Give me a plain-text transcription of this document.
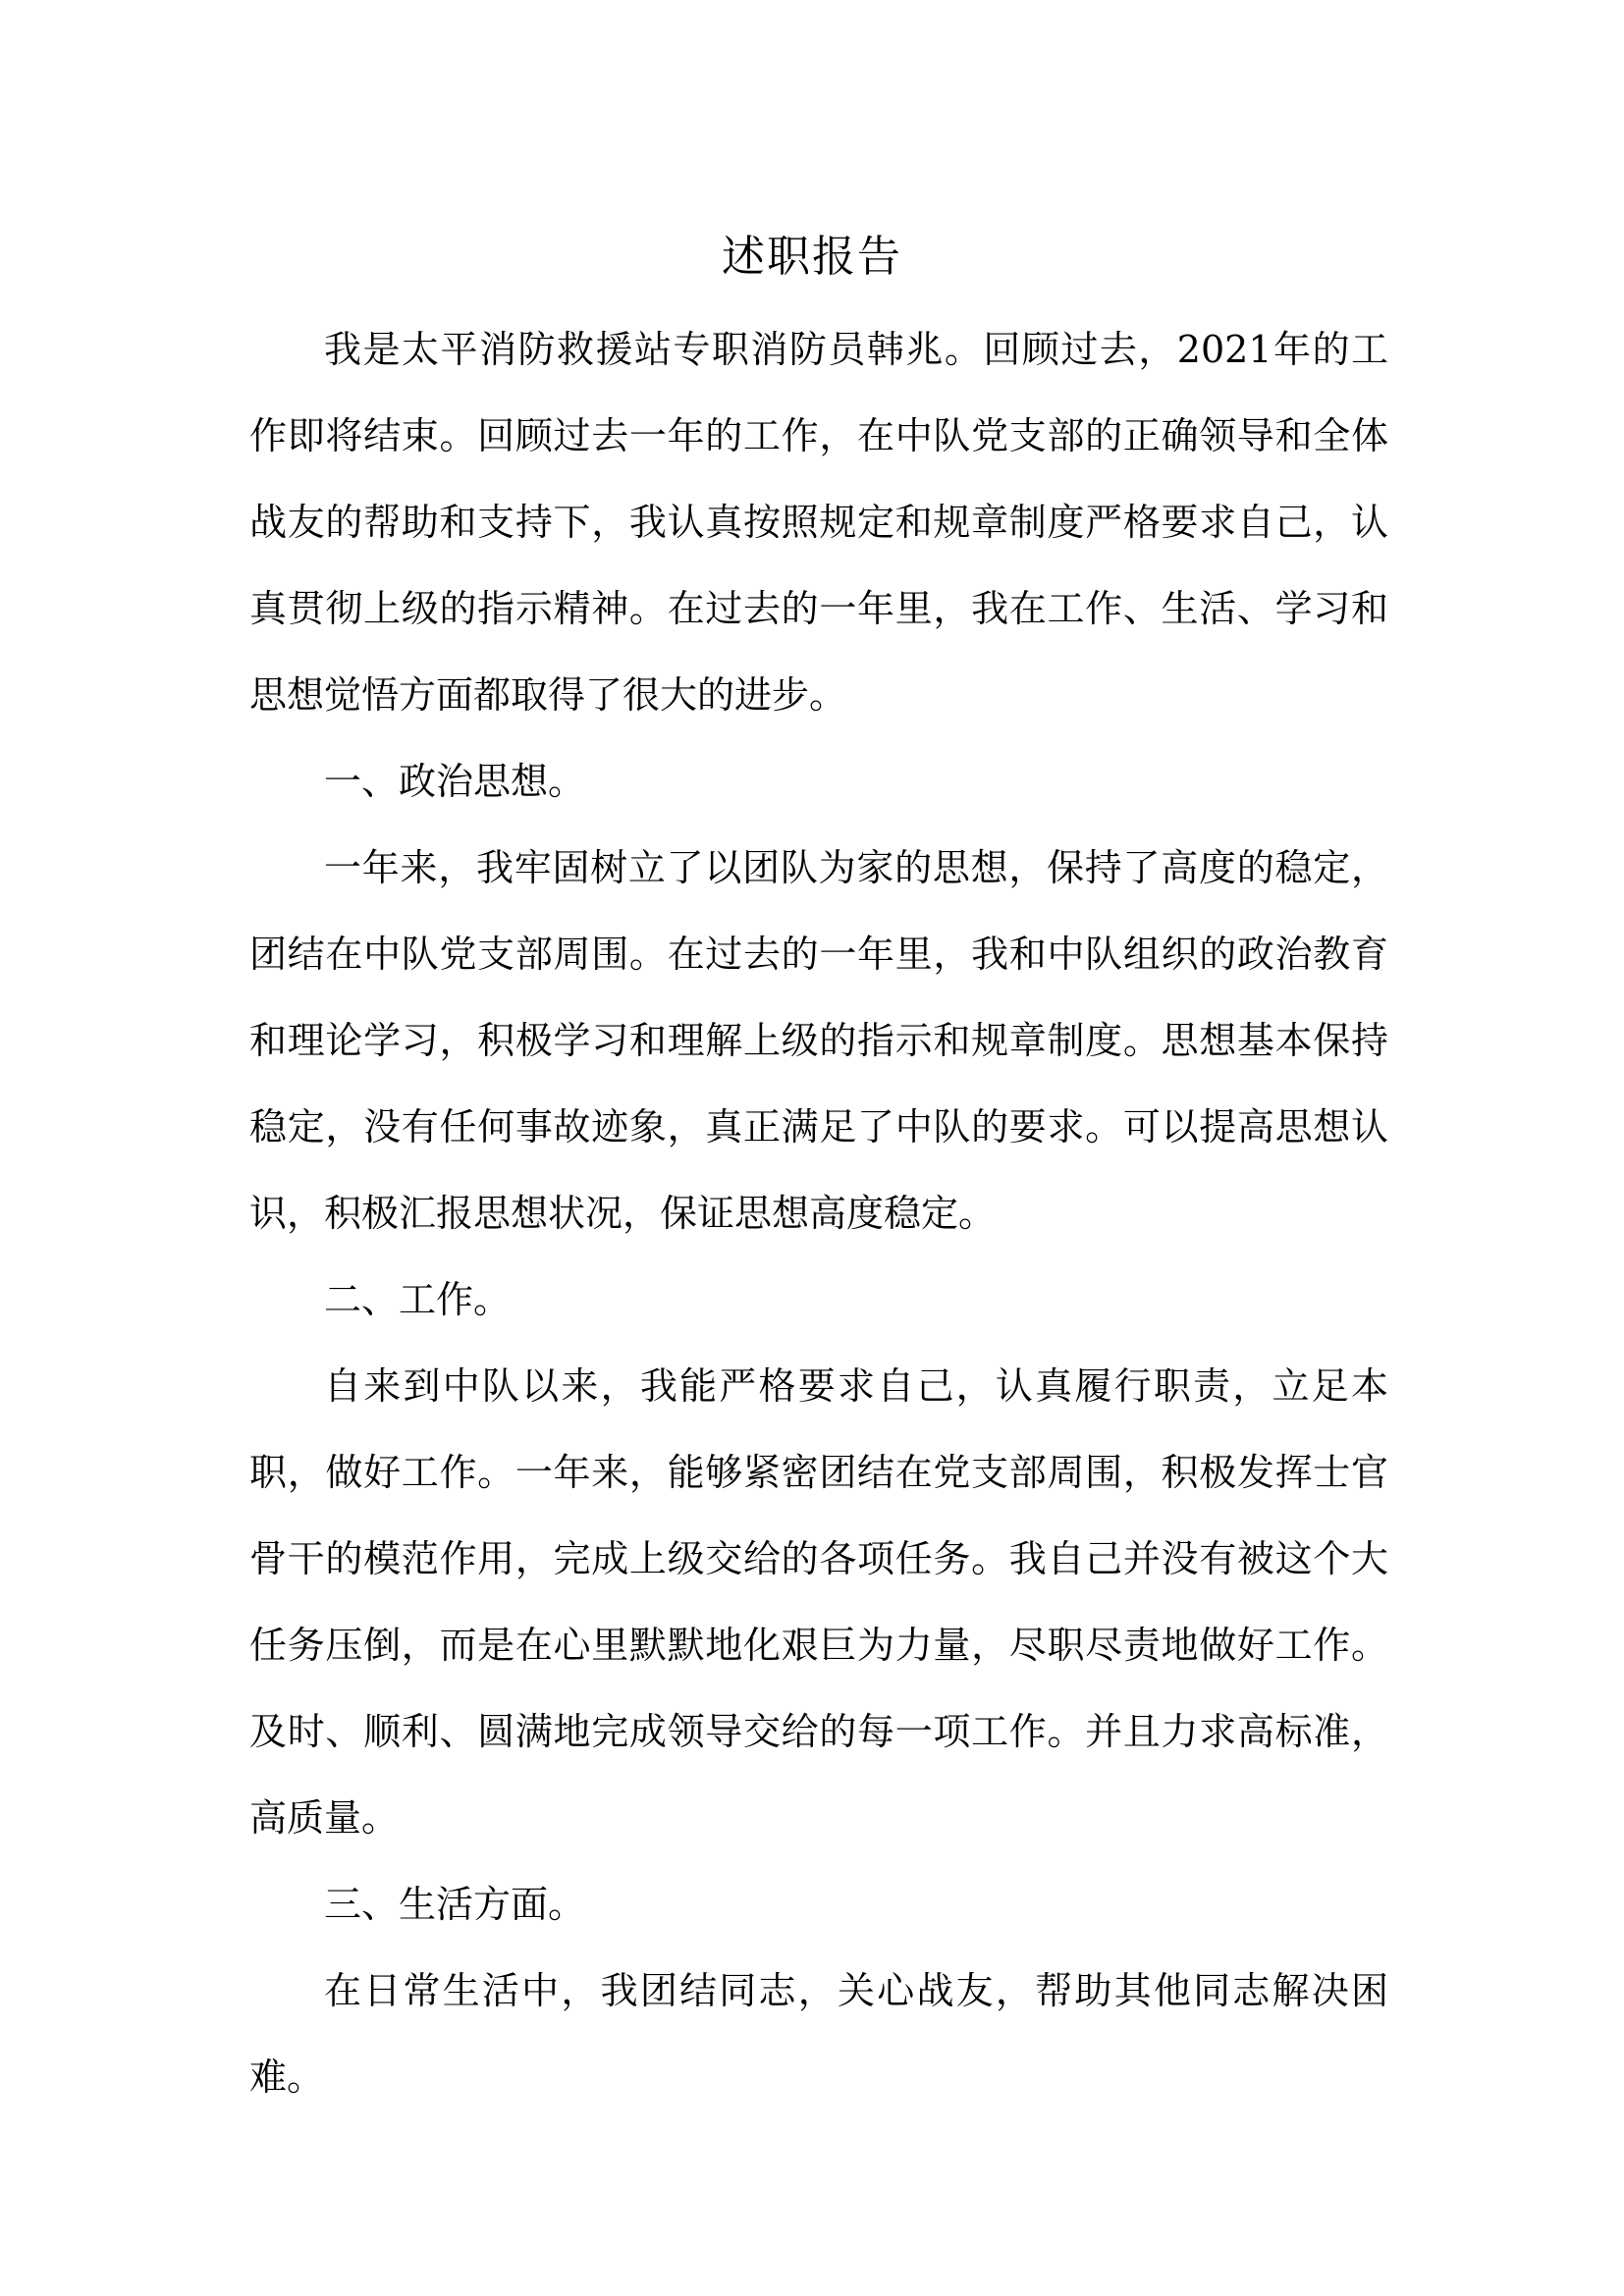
述职报告

我是太平消防救援站专职消防员韩兆。回顾过去，2021年的工作即将结束。回顾过去一年的工作，在中队党支部的正确领导和全体战友的帮助和支持下，我认真按照规定和规章制度严格要求自己，认真贯彻上级的指示精神。在过去的一年里，我在工作、生活、学习和思想觉悟方面都取得了很大的进步。

一、政治思想。

一年来，我牢固树立了以团队为家的思想，保持了高度的稳定，团结在中队党支部周围。在过去的一年里，我和中队组织的政治教育和理论学习，积极学习和理解上级的指示和规章制度。思想基本保持稳定，没有任何事故迹象，真正满足了中队的要求。可以提高思想认识，积极汇报思想状况，保证思想高度稳定。

二、工作。

自来到中队以来，我能严格要求自己，认真履行职责，立足本职，做好工作。一年来，能够紧密团结在党支部周围，积极发挥士官骨干的模范作用，完成上级交给的各项任务。我自己并没有被这个大任务压倒，而是在心里默默地化艰巨为力量，尽职尽责地做好工作。及时、顺利、圆满地完成领导交给的每一项工作。并且力求高标准，高质量。

三、生活方面。

在日常生活中，我团结同志，关心战友，帮助其他同志解决困难。
